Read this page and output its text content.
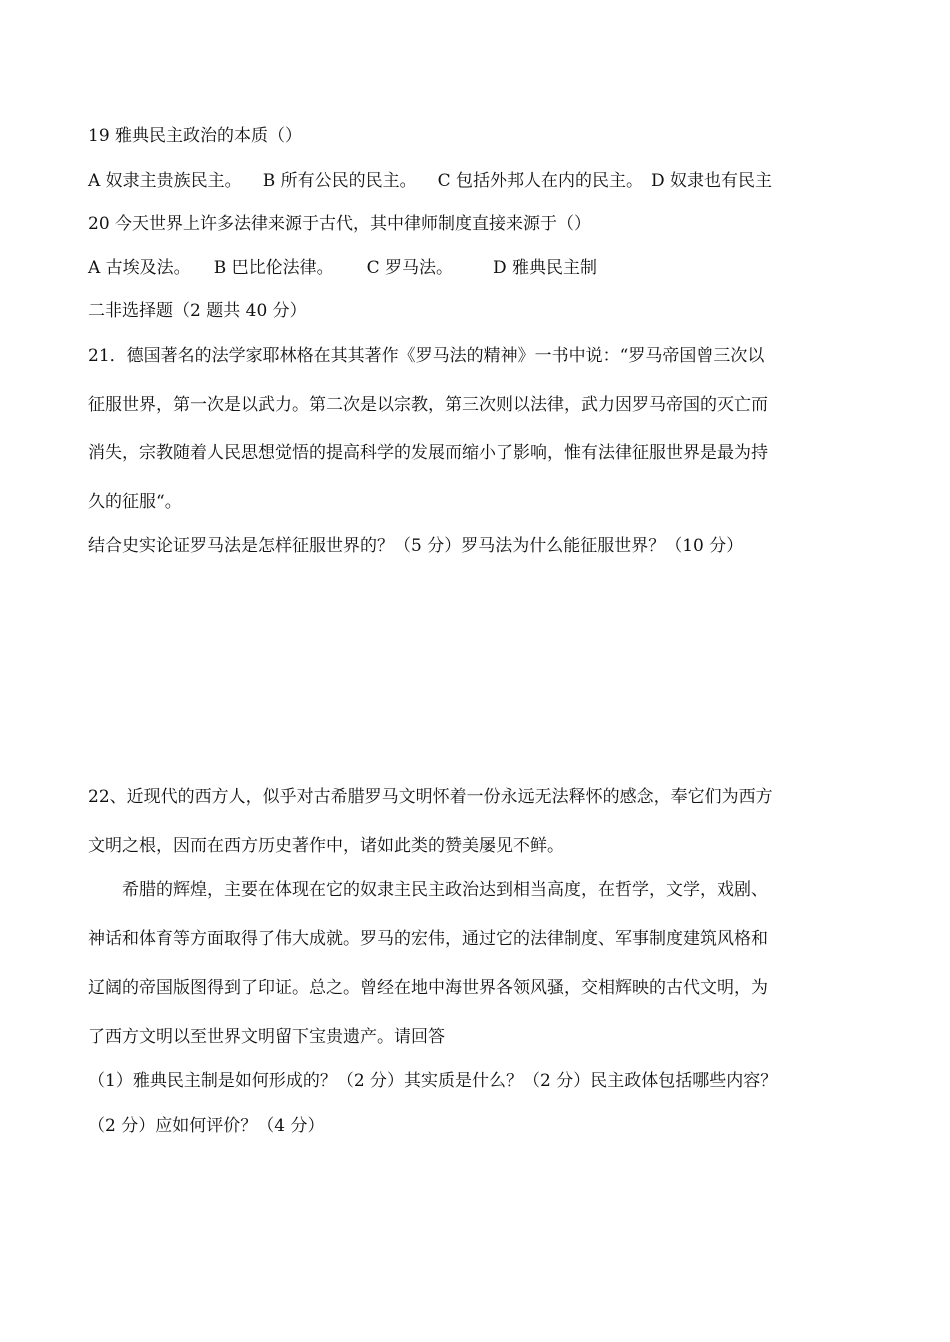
19 雅典民主政治的本质（）
A 奴隶主贵族民主。 B 所有公民的民主。 C 包括外邦人在内的民主。 D 奴隶也有民主
20 今天世界上许多法律来源于古代，其中律师制度直接来源于（）
A 古埃及法。 B 巴比伦法律。 C 罗马法。 D 雅典民主制
二非选择题（2 题共 40 分）
21．德国著名的法学家耶林格在其其著作《罗马法的精神》一书中说：“罗马帝国曾三次以
征服世界，第一次是以武力。第二次是以宗教，第三次则以法律，武力因罗马帝国的灭亡而
消失，宗教随着人民思想觉悟的提高科学的发展而缩小了影响，惟有法律征服世界是最为持
久的征服“。
结合史实论证罗马法是怎样征服世界的？（5 分）罗马法为什么能征服世界？（10 分）
22、近现代的西方人，似乎对古希腊罗马文明怀着一份永远无法释怀的感念，奉它们为西方
文明之根，因而在西方历史著作中，诸如此类的赞美屡见不鲜。
希腊的辉煌，主要在体现在它的奴隶主民主政治达到相当高度，在哲学，文学，戏剧、
神话和体育等方面取得了伟大成就。罗马的宏伟，通过它的法律制度、军事制度建筑风格和
辽阔的帝国版图得到了印证。总之。曾经在地中海世界各领风骚，交相辉映的古代文明，为
了西方文明以至世界文明留下宝贵遗产。请回答
（1）雅典民主制是如何形成的？（2 分）其实质是什么？（2 分）民主政体包括哪些内容？
（2 分）应如何评价？（4 分）
